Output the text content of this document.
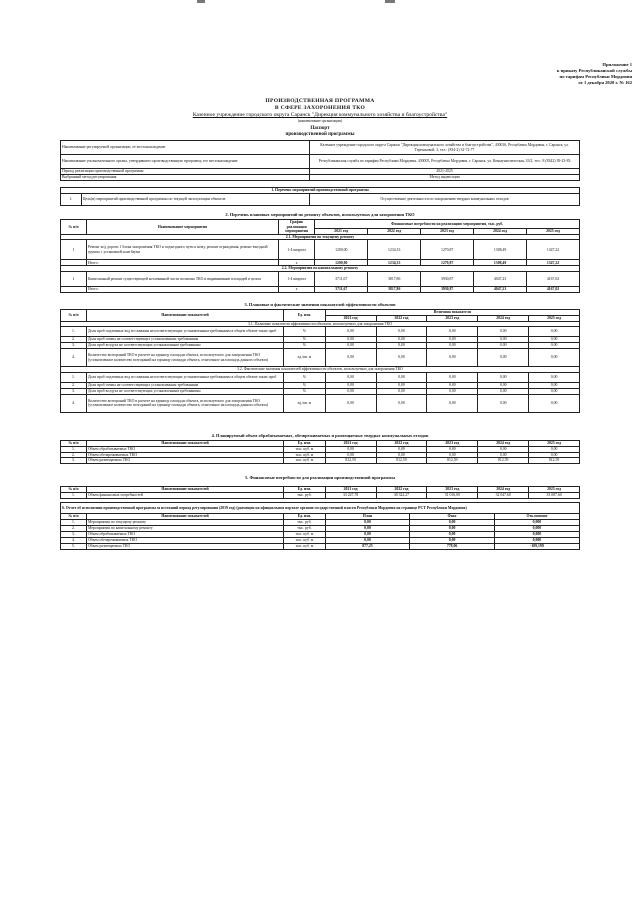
Приложение 1
к приказу Республиканской службы
по тарифам Республики Мордовия
от 1 декабря 2020 г. № 162
ПРОИЗВОДСТВЕННАЯ ПРОГРАММА
В СФЕРЕ ЗАХОРОНЕНИЯ ТКО
Казенное учреждение городского округа Саранск "Дирекция коммунального хозяйства и благоустройства"
(наименование организации)
Паспорт
производственной программы
Наименование регулируемой организации, ее местонахождение	Казенное учреждение городского округа Саранск "Дирекция коммунального хозяйства и благоустройства", 430016, Республика Мордовия, г. Саранск, ул. Терешковой, 3, тел.: (834-2) 32-72-77
Наименование уполномоченного органа, утвердившего производственную программу, его местонахождение	Республиканская служба по тарифам Республики Мордовия, 430005, Республика Мордовия, г. Саранск, ул. Коммунистическая, 33/2, тел.: 8 (8342) 39-23-83
Период реализации производственной программы	2021-2025
Выбранный метод регулирования	Метод индексации
1. Перечень мероприятий производственной программы
1.	Цель(и) мероприятий производственной программы по текущей эксплуатации объектов	Осуществление деятельности по захоронению твердых коммунальных отходов
2. Перечень плановых мероприятий по ремонту объектов, используемых для захоронения ТКО
№ п/п	Наименование мероприятия	График реализации мероприятия	Финансовые потребности на реализацию мероприятия, тыс. руб.				
			2021 год	2022 год	2023 год	2024 год	2025 год
2.1. Мероприятия по текущему ремонту							
1	Ремонт ж/д дороги 1 блока захоронения ТКО и подъездного пути к нему, ремонт ограждения, ремонт въездной группы с установкой шлагбаума	1-4 квартал	1200,00	1234,33	1270,87	1308,49	1347,22
	Итого:	х	1200,00	1234,33	1270,87	1308,49	1347,22
2.2. Мероприятия по капитальному ремонту							
1	Капитальный ремонт существующей котлованной части полигона ТКО и выравнивание площадей в целом	1-4 квартал	3711,67	3817,86	3930,87	4047,23	4167,02
	Итого:	х	3711,67	3817,86	3930,87	4047,23	4167,02
3. Плановые и фактические значения показателей эффективности объектов
№ п/п	Наименование показателей	Ед. изм.	Величина показателя				
			2021 год	2022 год	2023 год	2024 год	2025 год
3.1. Плановые показатели эффективности объектов, используемых для захоронения ТКО							
1.	Доля проб подземных вод из скважин несоответствующих установленным требованиям в общем объеме таких проб	%	0,00	0,00	0,00	0,00	0,00
2.	Доля проб почвы не соответствующих установленным требованиям	%	0,00	0,00	0,00	0,00	0,00
3.	Доля проб воздуха не соответствующих установленным требованиям	%	0,00	0,00	0,00	0,00	0,00
4.	Количество возгораний ТКО в расчете на единицу площади объекта, используемого для захоронения ТКО (установленное количество возгораний на единицу площади объекта, отнесенное на площадь данного объекта)	ед./кв. м	0,00	0,00	0,00	0,00	0,00
3.2. Фактические значения показателей эффективности объектов, используемых для захоронения ТКО							
1.	Доля проб подземных вод из скважин несоответствующих установленным требованиям в общем объеме таких проб	%	0,00	0,00	0,00	0,00	0,00
2.	Доля проб почвы не соответствующих установленным требованиям	%	0,00	0,00	0,00	0,00	0,00
3.	Доля проб воздуха не соответствующих установленным требованиям	%	0,00	0,00	0,00	0,00	0,00
4.	Количество возгораний ТКО в расчете на единицу площади объекта, используемого для захоронения ТКО (установленное количество возгораний на единицу площади объекта, отнесенное на площадь данного объекта)	ед./кв. м	0,00	0,00	0,00	0,00	0,00
4. Планируемый объем обрабатываемых, обезвреживаемых и размещаемых твердых коммунальных отходов
№ п/п	Наименование показателей	Ед. изм.	2021 год	2022 год	2023 год	2024 год	2025 год
1.	Объем обрабатываемых ТКО	тыс. куб. м	0,00	0,00	0,00	0,00	0,00
2.	Объем обезвреживаемых ТКО	тыс. куб. м	0,00	0,00	0,00	0,00	0,00
3.	Объем размещаемых ТКО	тыс. куб. м	812,59	812,59	812,59	812,59	812,59
5. Финансовые потребности для реализации производственной программы
№ п/п	Наименование показателей	Ед. изм.	2021 год	2022 год	2023 год	2024 год	2025 год
1.	Объем финансовых потребностей	тыс. руб.	33 247,78	30 322,27	31 016,00	32 047,60	33 087,60
6. Отчет об исполнении производственной программы за истекший период регулирования (2019 год) (размещен на официальном портале органов государственной власти Республики Мордовия на странице РСТ Республики Мордовия)					
№ п/п	Наименование показателей	Ед. изм.	План	Факт	Отклонение
1.	Мероприятия по текущему ремонту	тыс. руб.	0,00	0,00	0,000
2.	Мероприятия по капитальному ремонту	тыс. руб.	0,00	0,00	0,000
3.	Объем обрабатываемых ТКО	тыс. куб. м	0,00	0,00	0,000
4.	Объем обезвреживаемых ТКО	тыс. куб. м	0,00	0,00	0,000
5.	Объем размещаемых ТКО	тыс. куб. м	877,25	778,06	-109,199
